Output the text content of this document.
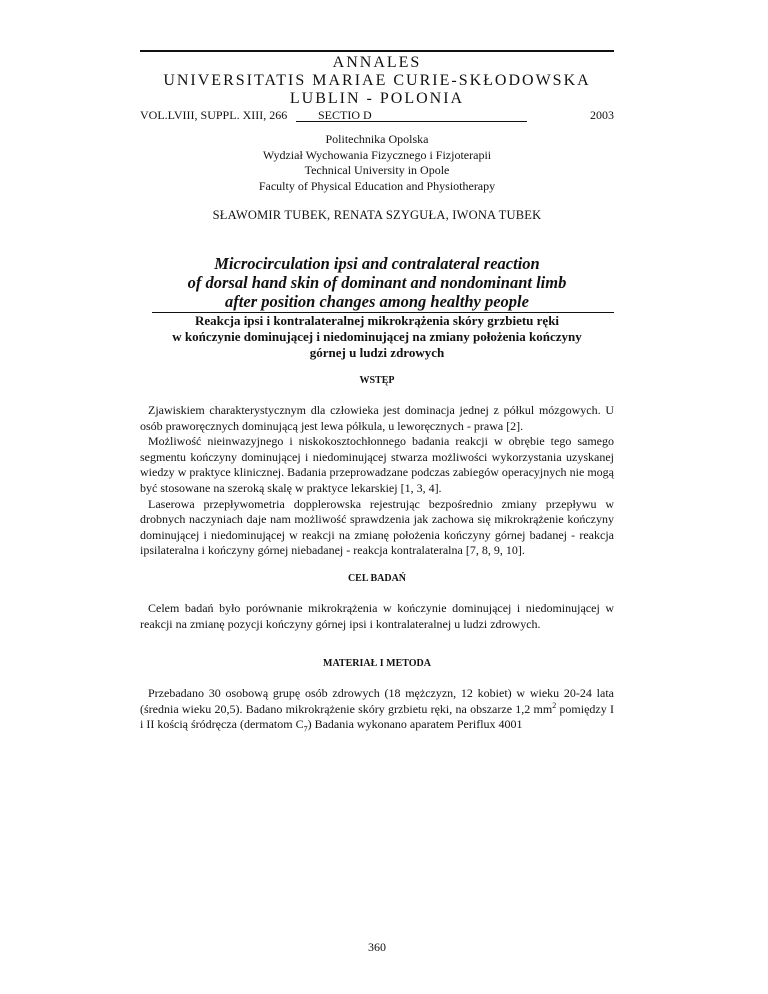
ANNALES
UNIVERSITATIS MARIAE CURIE-SKŁODOWSKA
LUBLIN - POLONIA
VOL.LVIII, SUPPL. XIII, 266	SECTIO D	2003
Politechnika Opolska
Wydział Wychowania Fizycznego i Fizjoterapii
Technical University in Opole
Faculty of Physical Education and Physiotherapy
SŁAWOMIR TUBEK, RENATA SZYGUŁA, IWONA TUBEK
Microcirculation ipsi and contralateral reaction
of dorsal hand skin of dominant and nondominant limb
after position changes among healthy people
Reakcja ipsi i kontralateralnej mikrokrążenia skóry grzbietu ręki
w kończynie dominującej i niedominującej na zmiany położenia kończyny
górnej u ludzi zdrowych
WSTĘP

Zjawiskiem charakterystycznym dla człowieka jest dominacja jednej z półkul mózgowych. U osób praworęcznych dominującą jest lewa półkula, u leworęcznych - prawa [2].

Możliwość nieinwazyjnego i niskokosztochłonnego badania reakcji w obrębie tego samego segmentu kończyny dominującej i niedominującej stwarza możliwości wykorzystania uzyskanej wiedzy w praktyce klinicznej. Badania przeprowadzane podczas zabiegów operacyjnych nie mogą być stosowane na szeroką skalę w praktyce lekarskiej [1, 3, 4].

Laserowa przepływometria dopplerowska rejestrując bezpośrednio zmiany przepływu w drobnych naczyniach daje nam możliwość sprawdzenia jak zachowa się mikrokrążenie kończyny dominującej i niedominującej w reakcji na zmianę położenia kończyny górnej badanej - reakcja ipsilateralna i kończyny górnej niebadanej - reakcja kontralateralna [7, 8, 9, 10].

CEL BADAŃ

Celem badań było porównanie mikrokrążenia w kończynie dominującej i niedominującej w reakcji na zmianę pozycji kończyny górnej ipsi i kontralateralnej u ludzi zdrowych.

MATERIAŁ I METODA

Przebadano 30 osobową grupę osób zdrowych (18 mężczyzn, 12 kobiet) w wieku 20-24 lata (średnia wieku 20,5). Badano mikrokrążenie skóry grzbietu ręki, na obszarze 1,2 $mm^2$ pomiędzy I i II kością śródręcza (dermatom $C_7$) Badania wykonano aparatem Periflux 4001

360
